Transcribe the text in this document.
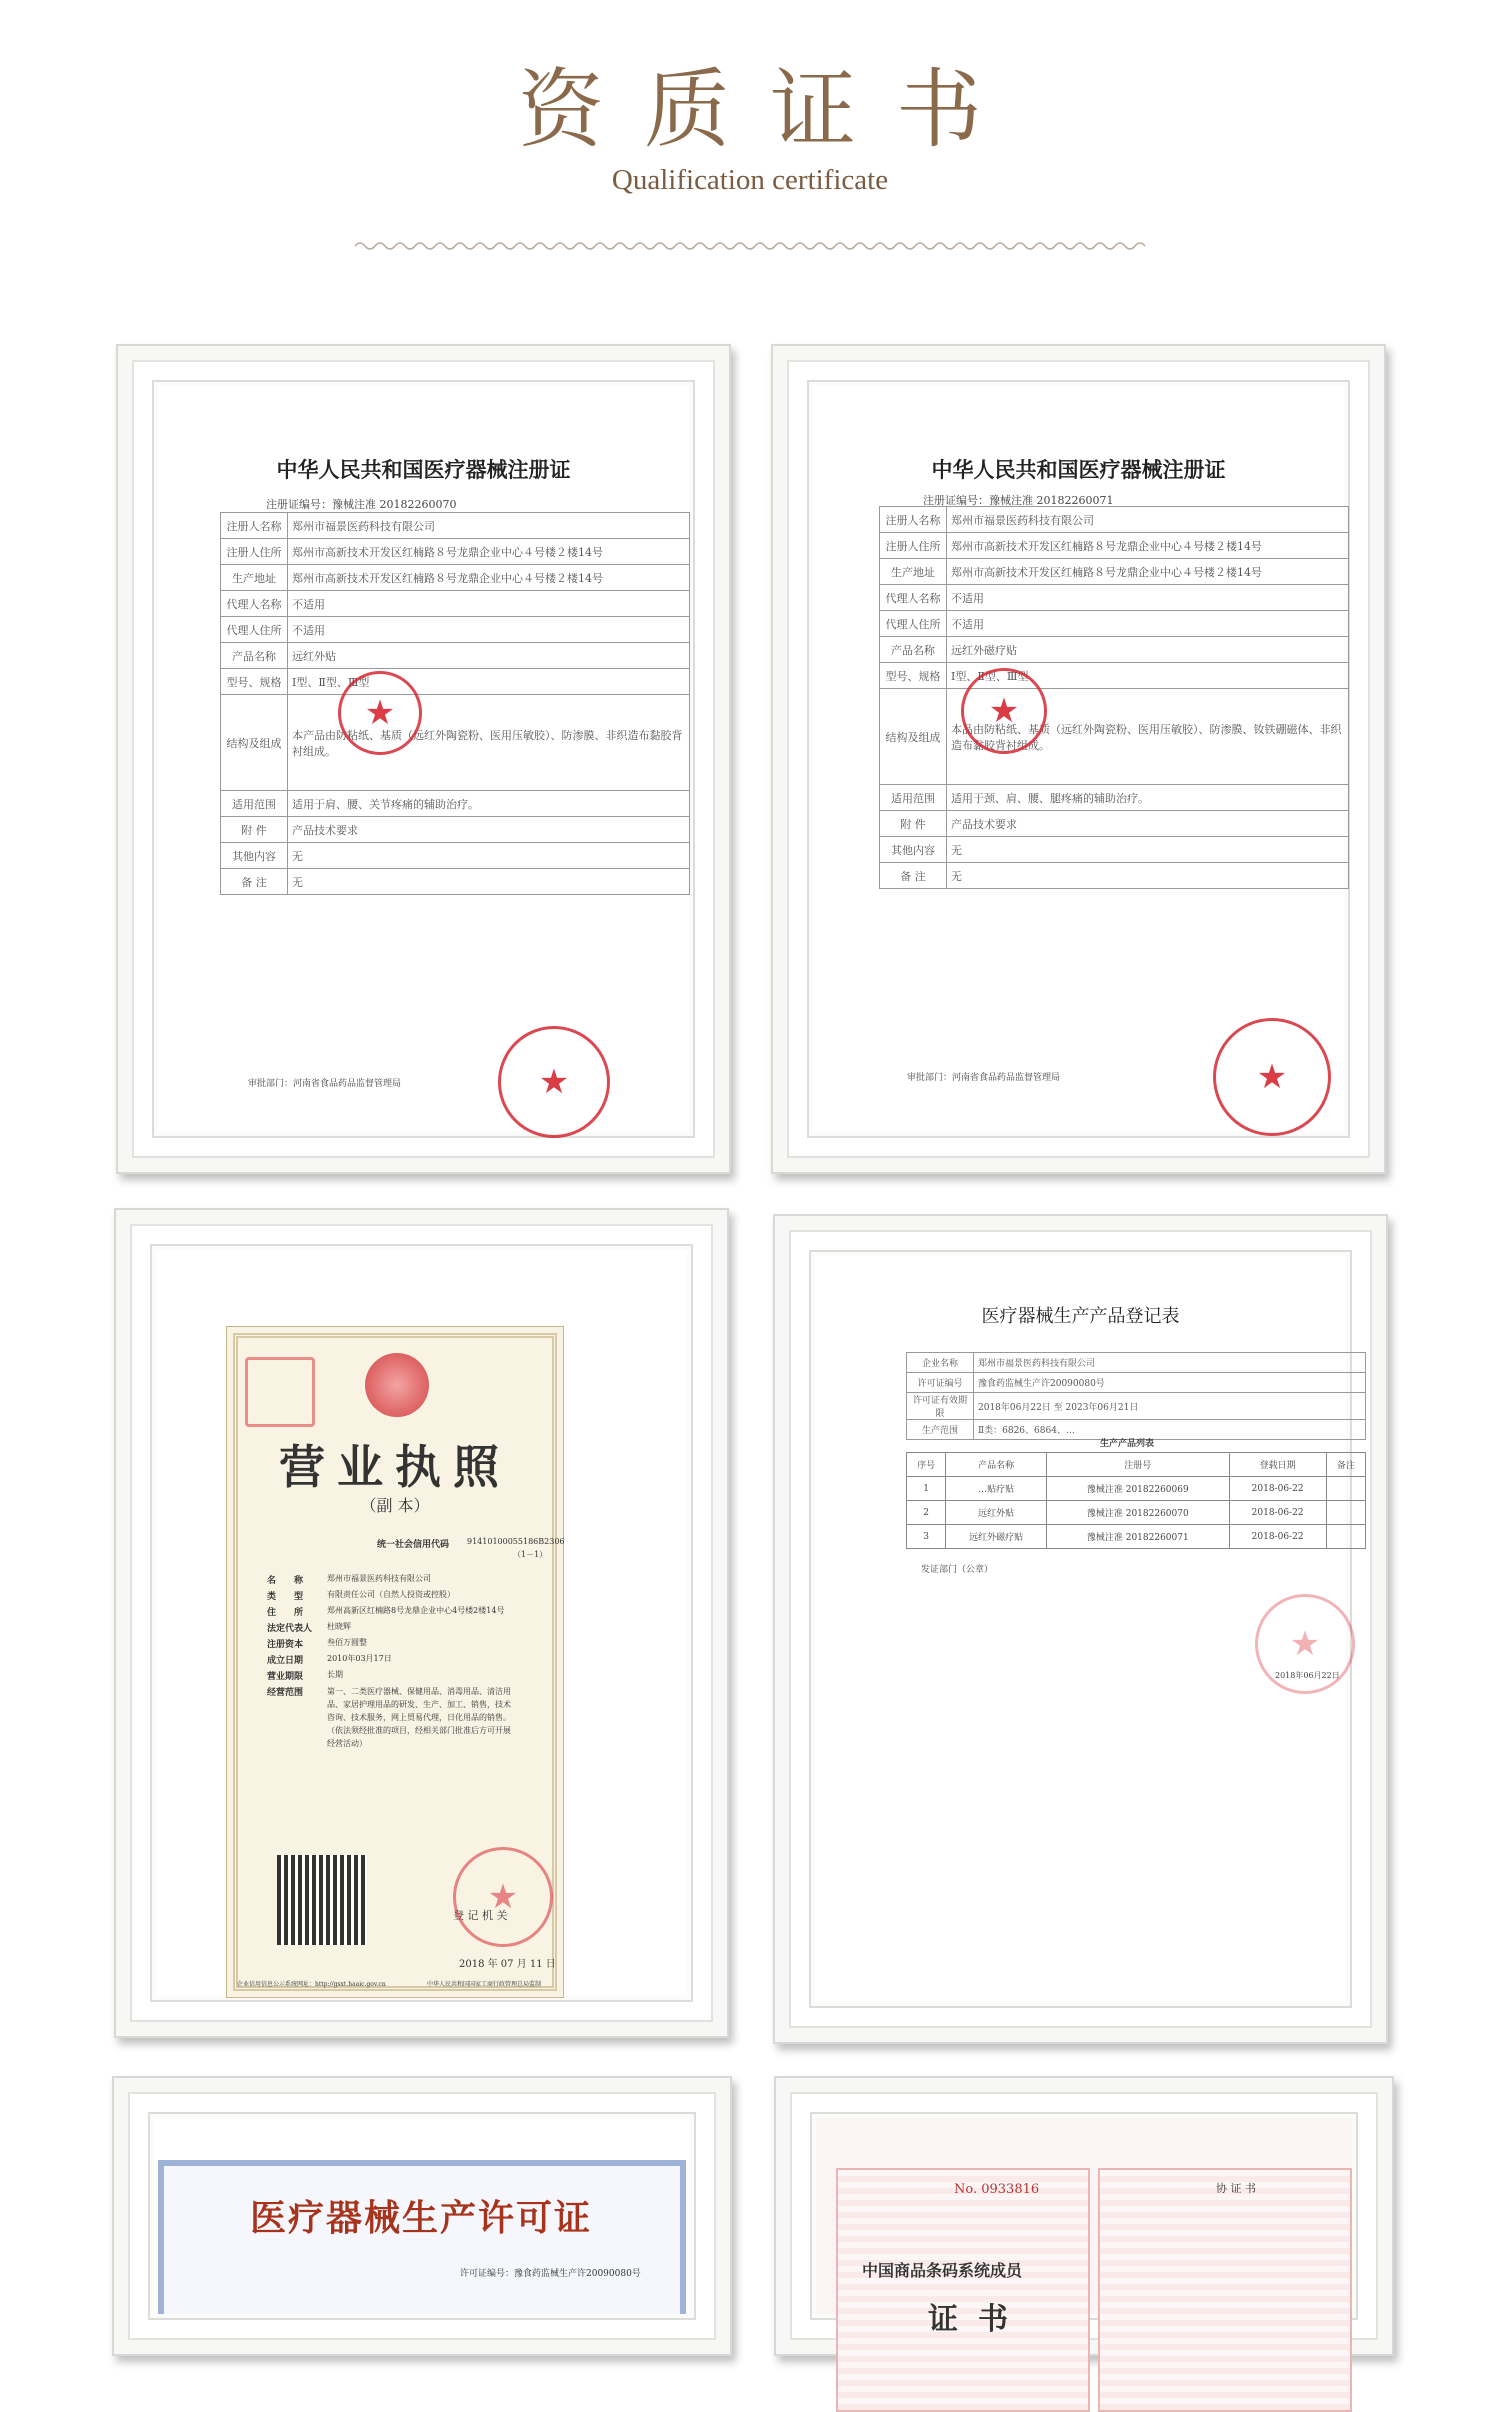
资质证书
Qualification certificate
中华人民共和国医疗器械注册证
注册证编号：豫械注准 20182260070
注册人名称	郑州市福景医药科技有限公司
注册人住所	郑州市高新技术开发区红楠路８号龙鼎企业中心４号楼２楼14号
生产地址	郑州市高新技术开发区红楠路８号龙鼎企业中心４号楼２楼14号
代理人名称	不适用
代理人住所	不适用
产品名称	远红外贴
型号、规格	Ⅰ型、Ⅱ型、Ⅲ型
结构及组成	本产品由防粘纸、基质（远红外陶瓷粉、医用压敏胶）、防渗膜、非织造布黏胶背衬组成。
适用范围	适用于肩、腰、关节疼痛的辅助治疗。
附 件	产品技术要求
其他内容	无
备 注	无
审批部门：河南省食品药品监督管理局
★
★
中华人民共和国医疗器械注册证
注册证编号：豫械注准 20182260071
注册人名称	郑州市福景医药科技有限公司
注册人住所	郑州市高新技术开发区红楠路８号龙鼎企业中心４号楼２楼14号
生产地址	郑州市高新技术开发区红楠路８号龙鼎企业中心４号楼２楼14号
代理人名称	不适用
代理人住所	不适用
产品名称	远红外磁疗贴
型号、规格	Ⅰ型、Ⅱ型、Ⅲ型
结构及组成	本品由防粘纸、基质（远红外陶瓷粉、医用压敏胶）、防渗膜、钕铁硼磁体、非织造布黏胶背衬组成。
适用范围	适用于颈、肩、腰、腿疼痛的辅助治疗。
附 件	产品技术要求
其他内容	无
备 注	无
审批部门：河南省食品药品监督管理局
★
★
营业执照
（副 本）
统一社会信用代码 91410100055186B2306
（1－1）
名　　称	郑州市福景医药科技有限公司
类　　型	有限责任公司（自然人投资或控股）
住　　所	郑州高新区红楠路8号龙鼎企业中心4号楼2楼14号
法定代表人 杜晓辉
注册资本	叁佰万圆整
成立日期	2010年03月17日
营业期限	长期
经营范围	第一、二类医疗器械、保健用品、消毒用品、清洁用品、家居护理用品的研发、生产、加工、销售，技术咨询、技术服务，网上贸易代理，日化用品的销售。（依法须经批准的项目，经相关部门批准后方可开展经营活动）
登 记 机 关
★
2018 年 07 月 11 日
企业信用信息公示系统网址：http://gsxt.haaic.gov.cn	中华人民共和国国家工商行政管理总局监制
医疗器械生产产品登记表
企业名称	郑州市福景医药科技有限公司
许可证编号	豫食药监械生产许20090080号
许可证有效期限	2018年06月22日 至 2023年06月21日
生产范围	Ⅱ类：6826、6864、…
生产产品列表
序号	产品名称	注册号	登载日期	备注
1	…贴疗贴	豫械注准 20182260069	2018-06-22	
2	远红外贴	豫械注准 20182260070	2018-06-22	
3	远红外磁疗贴	豫械注准 20182260071	2018-06-22	
发证部门（公章）
2018年06月22日
★
医疗器械生产许可证
许可证编号：豫食药监械生产许20090080号
No. 0933816
中国商品条码系统成员
证书
协 证 书
